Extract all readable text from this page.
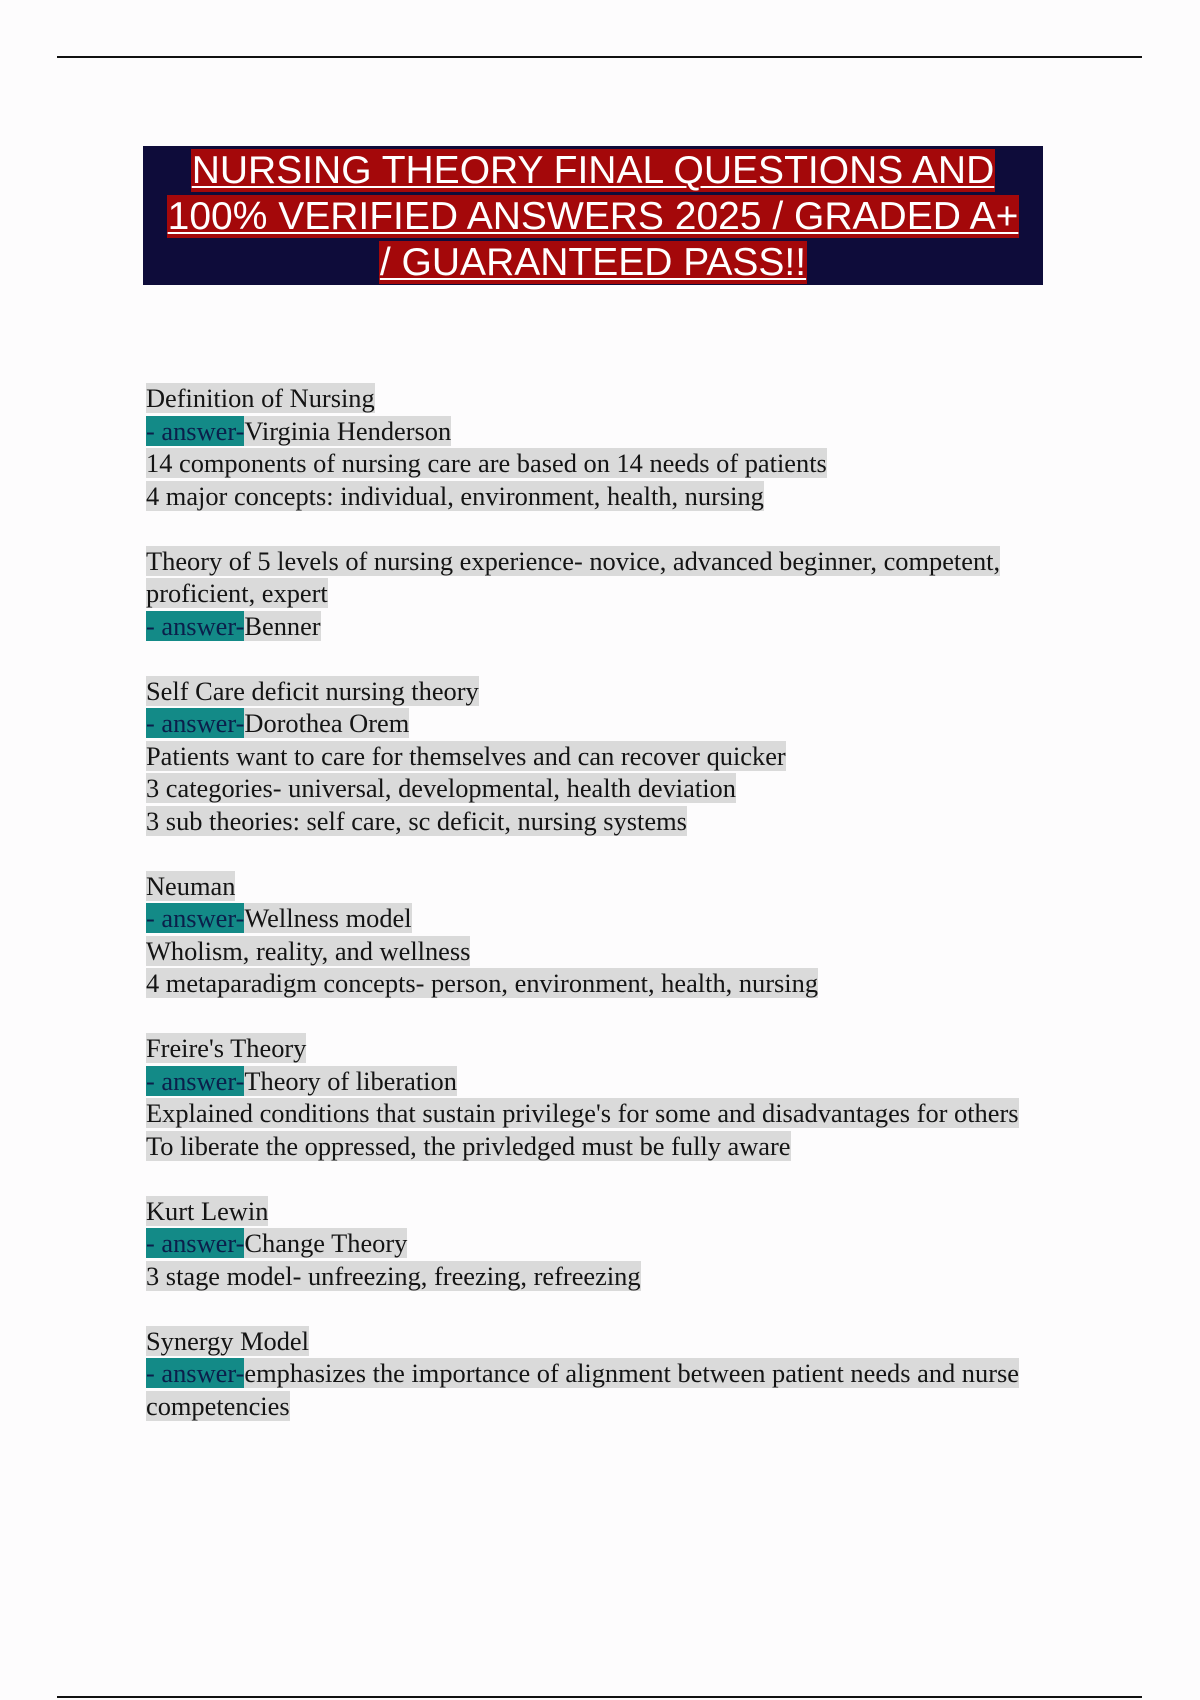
NURSING THEORY FINAL QUESTIONS AND
100% VERIFIED ANSWERS 2025 / GRADED A+
/ GUARANTEED PASS!!
Definition of Nursing
- answer-Virginia Henderson
14 components of nursing care are based on 14 needs of patients
4 major concepts: individual, environment, health, nursing
Theory of 5 levels of nursing experience- novice, advanced beginner, competent,
proficient, expert
- answer-Benner
Self Care deficit nursing theory
- answer-Dorothea Orem
Patients want to care for themselves and can recover quicker
3 categories- universal, developmental, health deviation
3 sub theories: self care, sc deficit, nursing systems
Neuman
- answer-Wellness model
Wholism, reality, and wellness
4 metaparadigm concepts- person, environment, health, nursing
Freire's Theory
- answer-Theory of liberation
Explained conditions that sustain privilege's for some and disadvantages for others
To liberate the oppressed, the privledged must be fully aware
Kurt Lewin
- answer-Change Theory
3 stage model- unfreezing, freezing, refreezing
Synergy Model
- answer-emphasizes the importance of alignment between patient needs and nurse
competencies
